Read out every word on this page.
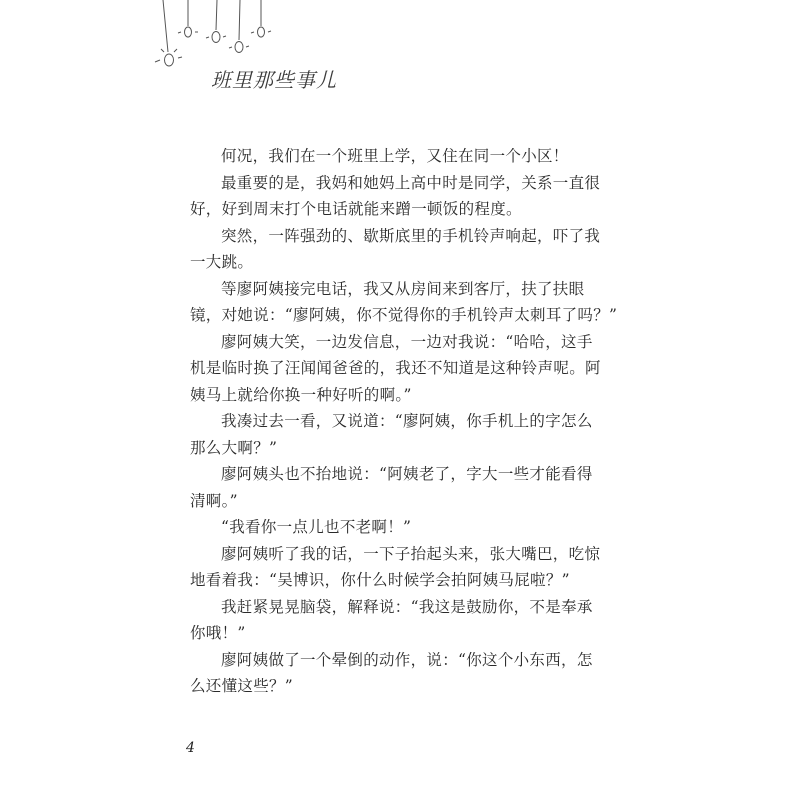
班里那些事儿
何况，我们在一个班里上学，又住在同一个小区！
最重要的是，我妈和她妈上高中时是同学，关系一直很
好，好到周末打个电话就能来蹭一顿饭的程度。
突然，一阵强劲的、歇斯底里的手机铃声响起，吓了我
一大跳。
等廖阿姨接完电话，我又从房间来到客厅，扶了扶眼
镜，对她说：“廖阿姨，你不觉得你的手机铃声太刺耳了吗？”
廖阿姨大笑，一边发信息，一边对我说：“哈哈，这手
机是临时换了汪闻闻爸爸的，我还不知道是这种铃声呢。阿
姨马上就给你换一种好听的啊。”
我凑过去一看，又说道：“廖阿姨，你手机上的字怎么
那么大啊？”
廖阿姨头也不抬地说：“阿姨老了，字大一些才能看得
清啊。”
“我看你一点儿也不老啊！”
廖阿姨听了我的话，一下子抬起头来，张大嘴巴，吃惊
地看着我：“吴博识，你什么时候学会拍阿姨马屁啦？”
我赶紧晃晃脑袋，解释说：“我这是鼓励你，不是奉承
你哦！”
廖阿姨做了一个晕倒的动作，说：“你这个小东西，怎
么还懂这些？”
4
